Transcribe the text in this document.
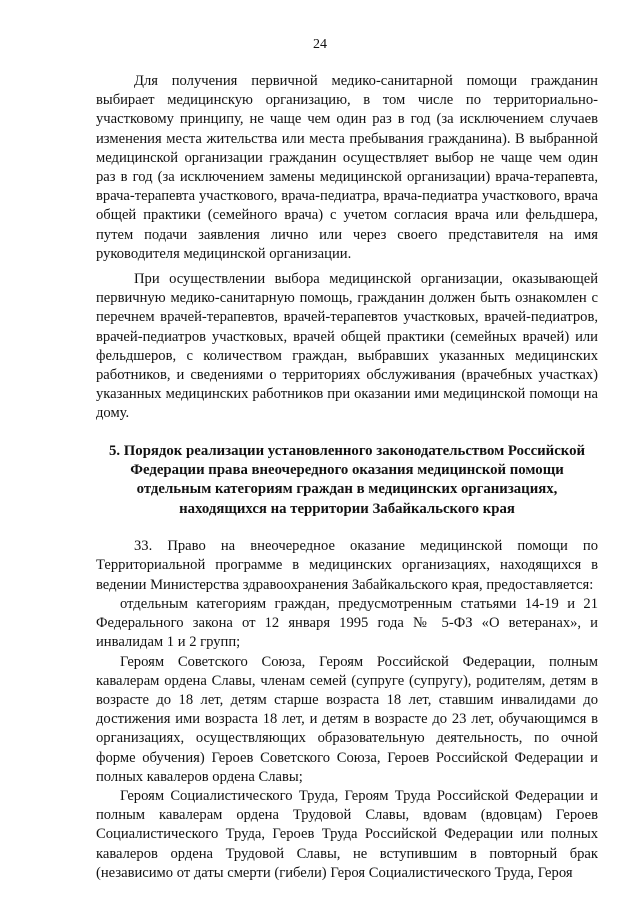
24

Для получения первичной медико-санитарной помощи гражданин выбирает медицинскую организацию, в том числе по территориально-участковому принципу, не чаще чем один раз в год (за исключением случаев изменения места жительства или места пребывания гражданина). В выбранной медицинской организации гражданин осуществляет выбор не чаще чем один раз в год (за исключением замены медицинской организации) врача-терапевта, врача-терапевта участкового, врача-педиатра, врача-педиатра участкового, врача общей практики (семейного врача) с учетом согласия врача или фельдшера, путем подачи заявления лично или через своего представителя на имя руководителя медицинской организации.

При осуществлении выбора медицинской организации, оказывающей первичную медико-санитарную помощь, гражданин должен быть ознакомлен с перечнем врачей-терапевтов, врачей-терапевтов участковых, врачей-педиатров, врачей-педиатров участковых, врачей общей практики (семейных врачей) или фельдшеров, с количеством граждан, выбравших указанных медицинских работников, и сведениями о территориях обслуживания (врачебных участках) указанных медицинских работников при оказании ими медицинской помощи на дому.

5. Порядок реализации установленного законодательством Российской Федерации права внеочередного оказания медицинской помощи отдельным категориям граждан в медицинских организациях, находящихся на территории Забайкальского края

33. Право на внеочередное оказание медицинской помощи по Территориальной программе в медицинских организациях, находящихся в ведении Министерства здравоохранения Забайкальского края, предоставляется:

отдельным категориям граждан, предусмотренным статьями 14-19 и 21 Федерального закона от 12 января 1995 года № 5-ФЗ «О ветеранах», и инвалидам 1 и 2 групп;

Героям Советского Союза, Героям Российской Федерации, полным кавалерам ордена Славы, членам семей (супруге (супругу), родителям, детям в возрасте до 18 лет, детям старше возраста 18 лет, ставшим инвалидами до достижения ими возраста 18 лет, и детям в возрасте до 23 лет, обучающимся в организациях, осуществляющих образовательную деятельность, по очной форме обучения) Героев Советского Союза, Героев Российской Федерации и полных кавалеров ордена Славы;

Героям Социалистического Труда, Героям Труда Российской Федерации и полным кавалерам ордена Трудовой Славы, вдовам (вдовцам) Героев Социалистического Труда, Героев Труда Российской Федерации или полных кавалеров ордена Трудовой Славы, не вступившим в повторный брак (независимо от даты смерти (гибели) Героя Социалистического Труда, Героя
